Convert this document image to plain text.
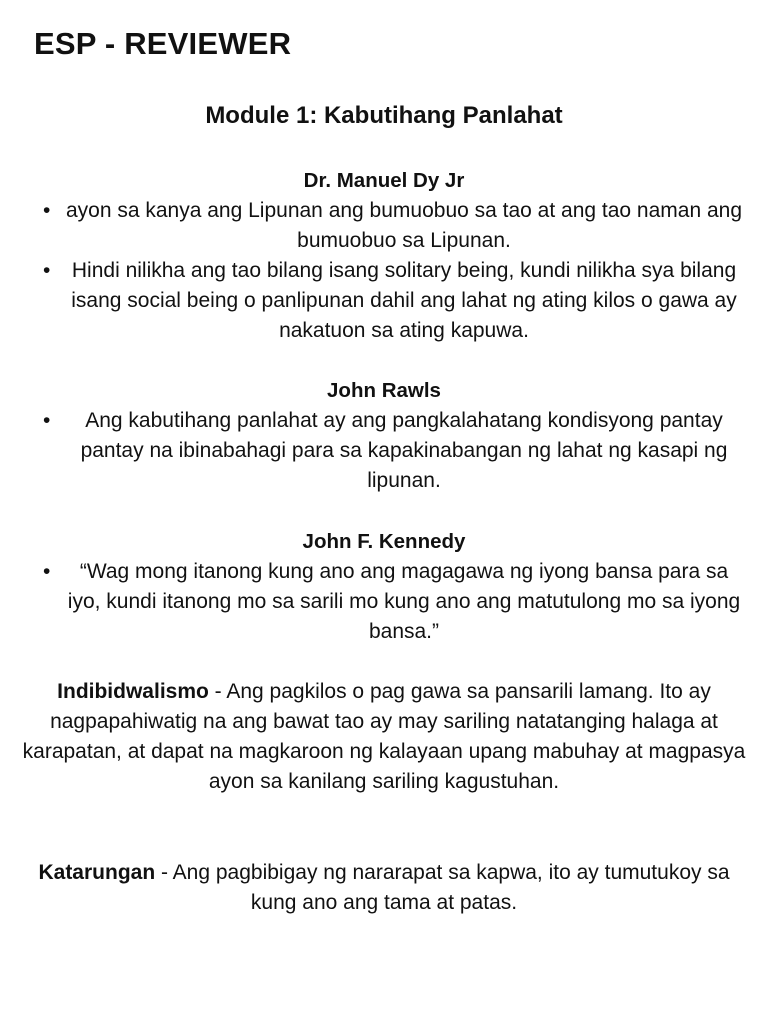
ESP - REVIEWER
Module 1: Kabutihang Panlahat
Dr. Manuel Dy Jr
• ayon sa kanya ang Lipunan ang bumuobuo sa tao at ang tao naman ang bumuobuo sa Lipunan.
• Hindi nilikha ang tao bilang isang solitary being, kundi nilikha sya bilang isang social being o panlipunan dahil ang lahat ng ating kilos o gawa ay nakatuon sa ating kapuwa.
John Rawls
• Ang kabutihang panlahat ay ang pangkalahatang kondisyong pantay pantay na ibinabahagi para sa kapakinabangan ng lahat ng kasapi ng lipunan.
John F. Kennedy
• “Wag mong itanong kung ano ang magagawa ng iyong bansa para sa iyo, kundi itanong mo sa sarili mo kung ano ang matutulong mo sa iyong bansa.”

Indibidwalismo - Ang pagkilos o pag gawa sa pansarili lamang. Ito ay nagpapahiwatig na ang bawat tao ay may sariling natatanging halaga at karapatan, at dapat na magkaroon ng kalayaan upang mabuhay at magpasya ayon sa kanilang sariling kagustuhan.

Katarungan - Ang pagbibigay ng nararapat sa kapwa, ito ay tumutukoy sa kung ano ang tama at patas.
